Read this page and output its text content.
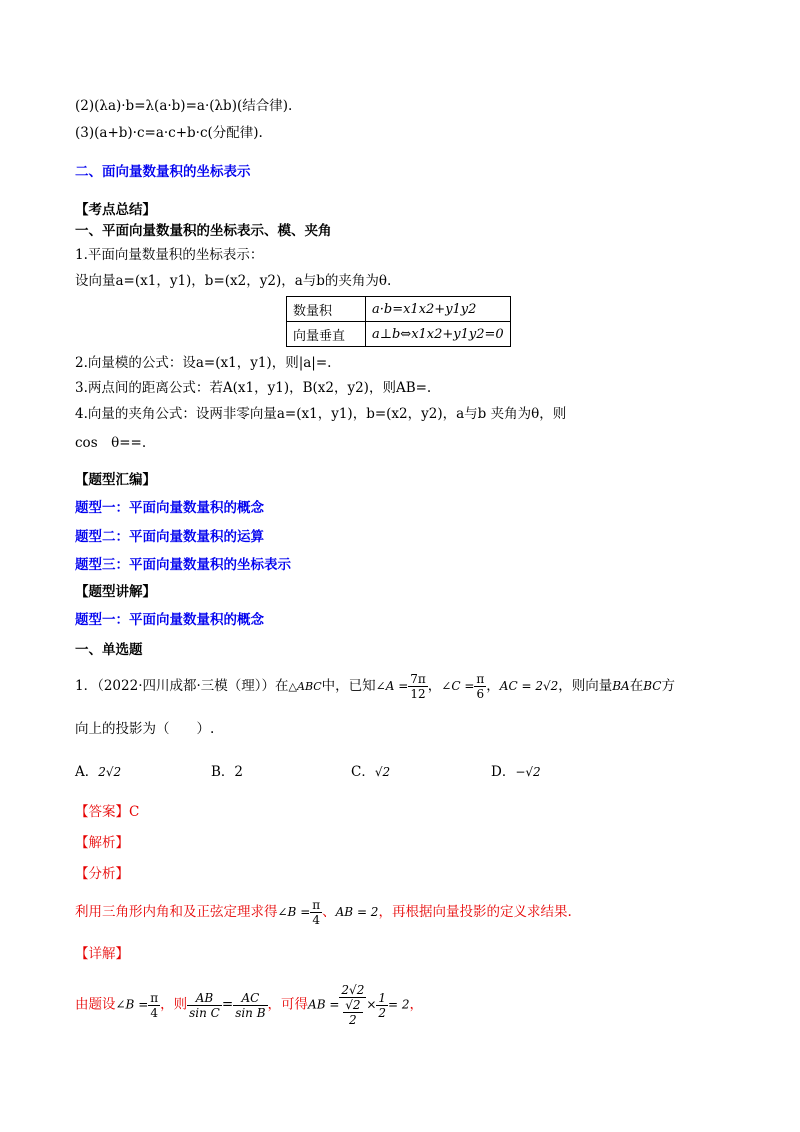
(2)(λa)·b=λ(a·b)=a·(λb)(结合律).
(3)(a+b)·c=a·c+b·c(分配律).
二、面向量数量积的坐标表示
【考点总结】
一、平面向量数量积的坐标表示、模、夹角
1.平面向量数量积的坐标表示：
设向量a=(x1，y1)，b=(x2，y2)，a与b的夹角为θ.
数量积	a·b=x1x2+y1y2
向量垂直	a⊥b⇔x1x2+y1y2=0
2.向量模的公式：设a=(x1，y1)，则|a|=.
3.两点间的距离公式：若A(x1，y1)，B(x2，y2)，则AB=.
4.向量的夹角公式：设两非零向量a=(x1，y1)，b=(x2，y2)，a与b 夹角为θ，则
cos　θ==.
【题型汇编】
题型一：平面向量数量积的概念
题型二：平面向量数量积的运算
题型三：平面向量数量积的坐标表示
【题型讲解】
题型一：平面向量数量积的概念
一、单选题
1．（2022·四川成都·三模（理））在△ABC中，已知∠A = $\frac{7\pi}{12}$ ，∠C = $\frac{\pi}{6}$ ，AC = 2√2，则向量BA在BC方
向上的投影为（　　）.
A．2√2	B．2	C．√2	D．−√2
【答案】C
【解析】
【分析】
利用三角形内角和及正弦定理求得∠B = $\frac{\pi}{4}$ 、AB = 2，再根据向量投影的定义求结果.
【详解】
由题设∠B = $\frac{\pi}{4}$ ，则 $\frac{AB}{\text{sin C}} = \frac{AC}{\text{sin B}}$ ，可得AB = $\frac{2√2}{\frac{√2}{2}} \times \frac{1}{2} = 2$，
